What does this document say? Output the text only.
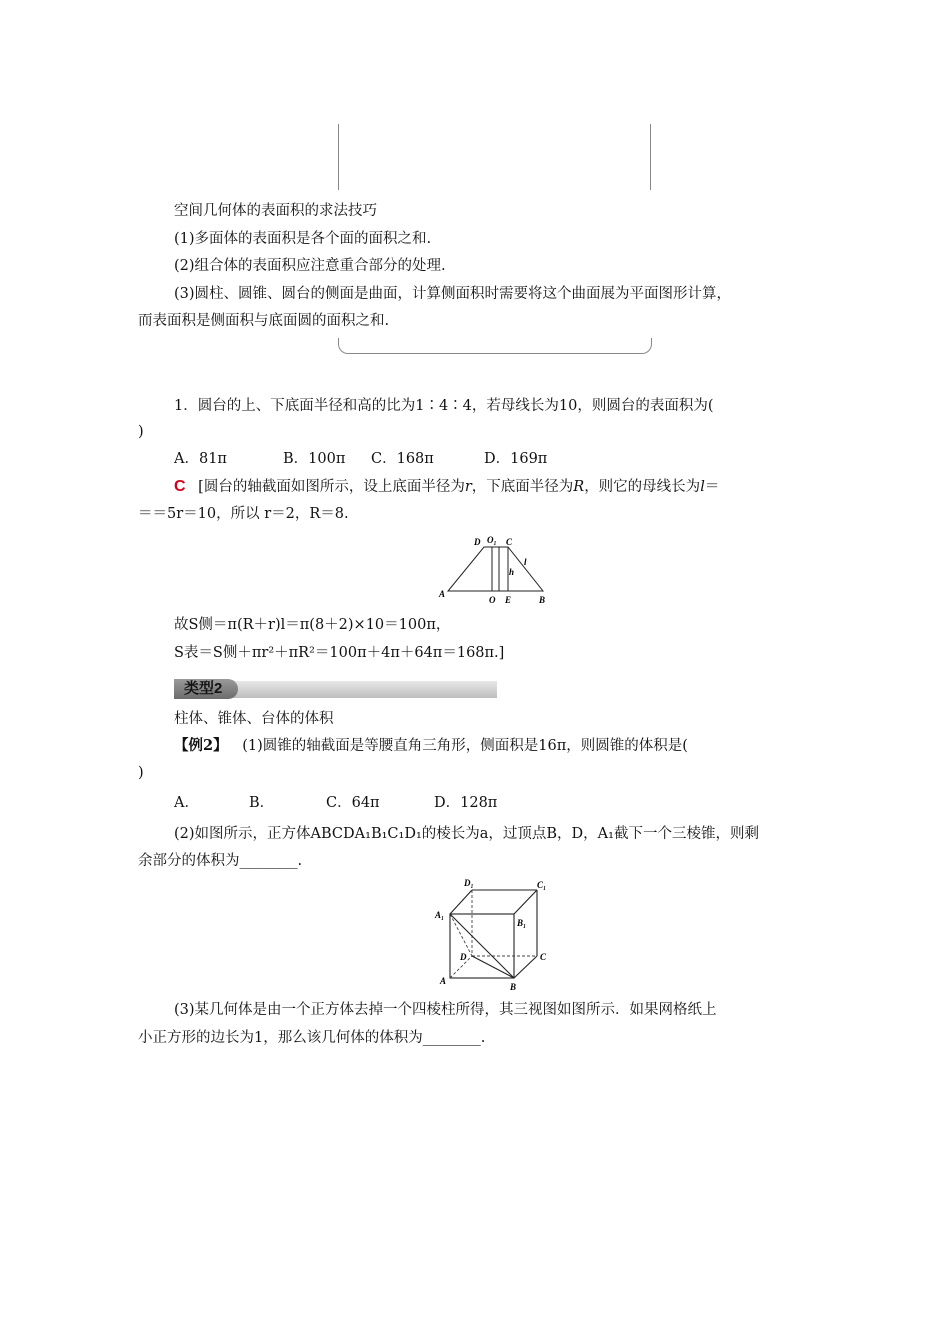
空间几何体的表面积的求法技巧
(1)多面体的表面积是各个面的面积之和.
(2)组合体的表面积应注意重合部分的处理.
(3)圆柱、圆锥、圆台的侧面是曲面，计算侧面积时需要将这个曲面展为平面图形计算，
而表面积是侧面积与底面圆的面积之和.
1．圆台的上、下底面半径和高的比为1∶4∶4，若母线长为10，则圆台的表面积为(
)
A．81π	B．100π C．168π	D．169π
C [圆台的轴截面如图所示，设上底面半径为r，下底面半径为R，则它的母线长为l＝
＝＝5r＝10，所以 r＝2，R＝8.
D O₁ C
l
h
A
O E	B
故S侧＝π(R＋r)l＝π(8＋2)×10＝100π，
S表＝S侧＋πr²＋πR²＝100π＋4π＋64π＝168π.]
类型2
柱体、锥体、台体的体积
【例2】 (1)圆锥的轴截面是等腰直角三角形，侧面积是16π，则圆锥的体积是(
)
A．	B．	C．64π	D．128π
(2)如图所示，正方体ABCDA₁B₁C₁D₁的棱长为a，过顶点B，D，A₁截下一个三棱锥，则剩
余部分的体积为________.
D₁	C₁
A₁
B₁
D	C
A
B
(3)某几何体是由一个正方体去掉一个四棱柱所得，其三视图如图所示．如果网格纸上
小正方形的边长为1，那么该几何体的体积为________.
